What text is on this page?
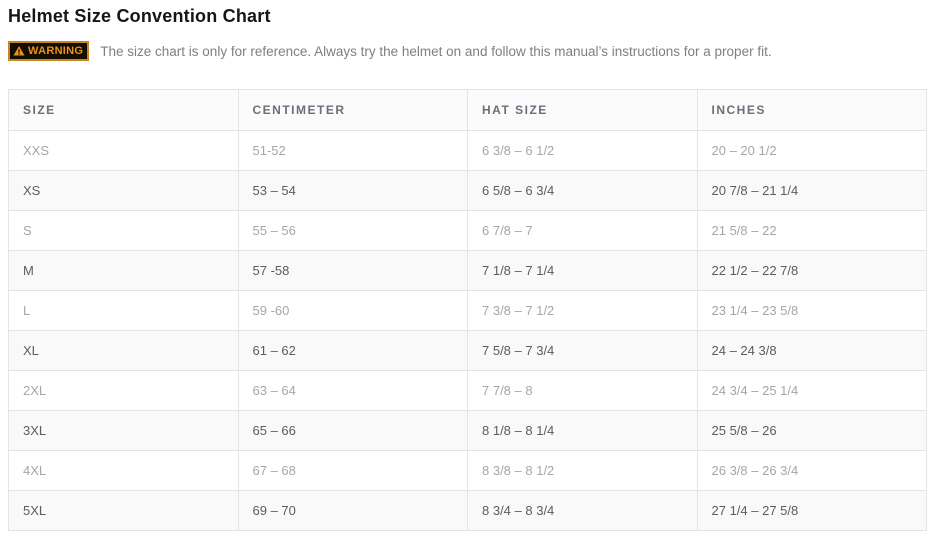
Helmet Size Convention Chart
WARNING The size chart is only for reference. Always try the helmet on and follow this manual’s instructions for a proper fit.
SIZE	CENTIMETER	HAT SIZE	INCHES
XXS	51-52	6 3/8 – 6 1/2	20 – 20 1/2
XS	53 – 54	6 5/8 – 6 3/4	20 7/8 – 21 1/4
S	55 – 56	6 7/8 – 7	21 5/8 – 22
M	57 -58	7 1/8 – 7 1/4	22 1/2 – 22 7/8
L	59 -60	7 3/8 – 7 1/2	23 1/4 – 23 5/8
XL	61 – 62	7 5/8 – 7 3/4	24 – 24 3/8
2XL	63 – 64	7 7/8 – 8	24 3/4 – 25 1/4
3XL	65 – 66	8 1/8 – 8 1/4	25 5/8 – 26
4XL	67 – 68	8 3/8 – 8 1/2	26 3/8 – 26 3/4
5XL	69 – 70	8 3/4 – 8 3/4	27 1/4 – 27 5/8
